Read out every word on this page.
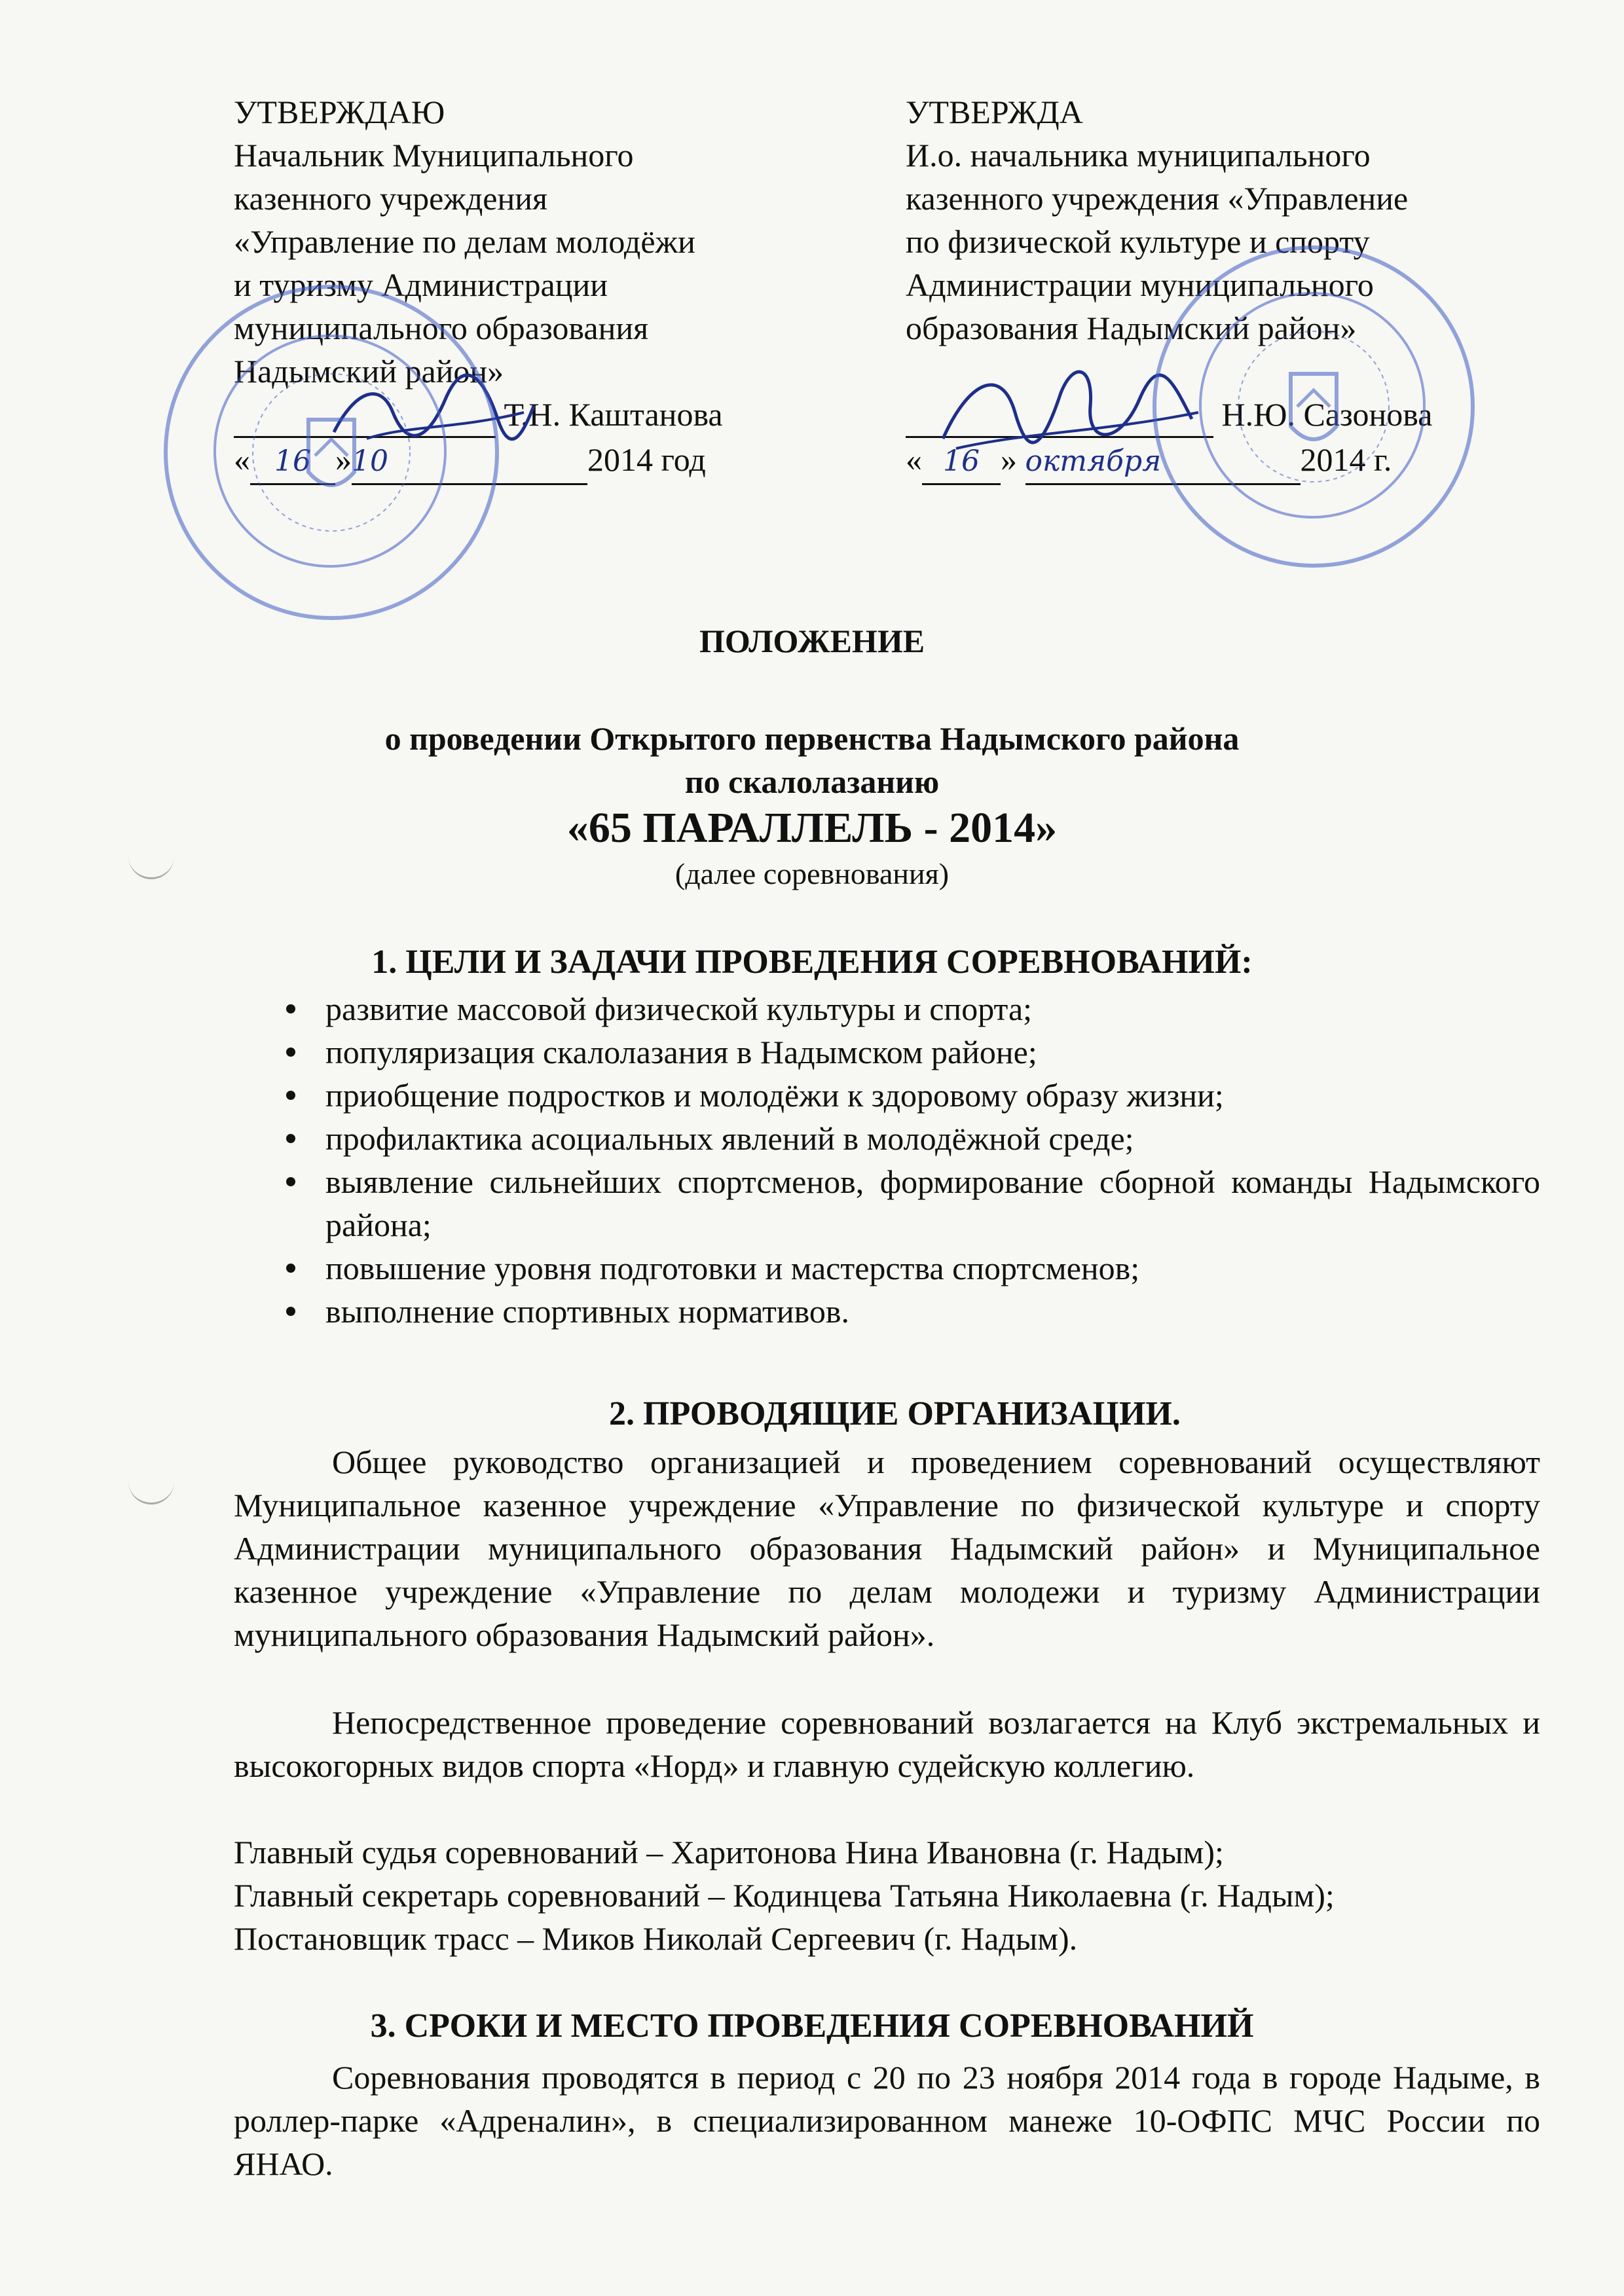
УТВЕРЖДАЮ
Начальник Муниципального
казенного учреждения
«Управление по делам молодёжи
и туризму Администрации
муниципального образования
Надымский район»
Т.Н. Каштанова
« 16 »10	2014 год
УТВЕРЖДА
И.о. начальника муниципального
казенного учреждения «Управление
по физической культуре и спорту
Администрации муниципального
образования Надымский район»
Н.Ю. Сазонова
« 16 » октября	2014 г.
ПОЛОЖЕНИЕ
о проведении Открытого первенства Надымского района
по скалолазанию
«65 ПАРАЛЛЕЛЬ - 2014»
(далее соревнования)
1. ЦЕЛИ И ЗАДАЧИ ПРОВЕДЕНИЯ СОРЕВНОВАНИЙ:
развитие массовой физической культуры и спорта;
популяризация скалолазания в Надымском районе;
приобщение подростков и молодёжи к здоровому образу жизни;
профилактика асоциальных явлений в молодёжной среде;
выявление сильнейших спортсменов, формирование сборной команды Надымского района;
повышение уровня подготовки и мастерства спортсменов;
выполнение спортивных нормативов.
2. ПРОВОДЯЩИЕ ОРГАНИЗАЦИИ.
Общее руководство организацией и проведением соревнований осуществляют Муниципальное казенное учреждение «Управление по физической культуре и спорту Администрации муниципального образования Надымский район» и Муниципальное казенное учреждение «Управление по делам молодежи и туризму Администрации муниципального образования Надымский район».
Непосредственное проведение соревнований возлагается на Клуб экстремальных и высокогорных видов спорта «Норд» и главную судейскую коллегию.
Главный судья соревнований – Харитонова Нина Ивановна (г. Надым);
Главный секретарь соревнований – Кодинцева Татьяна Николаевна (г. Надым);
Постановщик трасс – Миков Николай Сергеевич (г. Надым).
3. СРОКИ И МЕСТО ПРОВЕДЕНИЯ СОРЕВНОВАНИЙ
Соревнования проводятся в период с 20 по 23 ноября 2014 года в городе Надыме, в роллер-парке «Адреналин», в специализированном манеже 10-ОФПС МЧС России по ЯНАО.
